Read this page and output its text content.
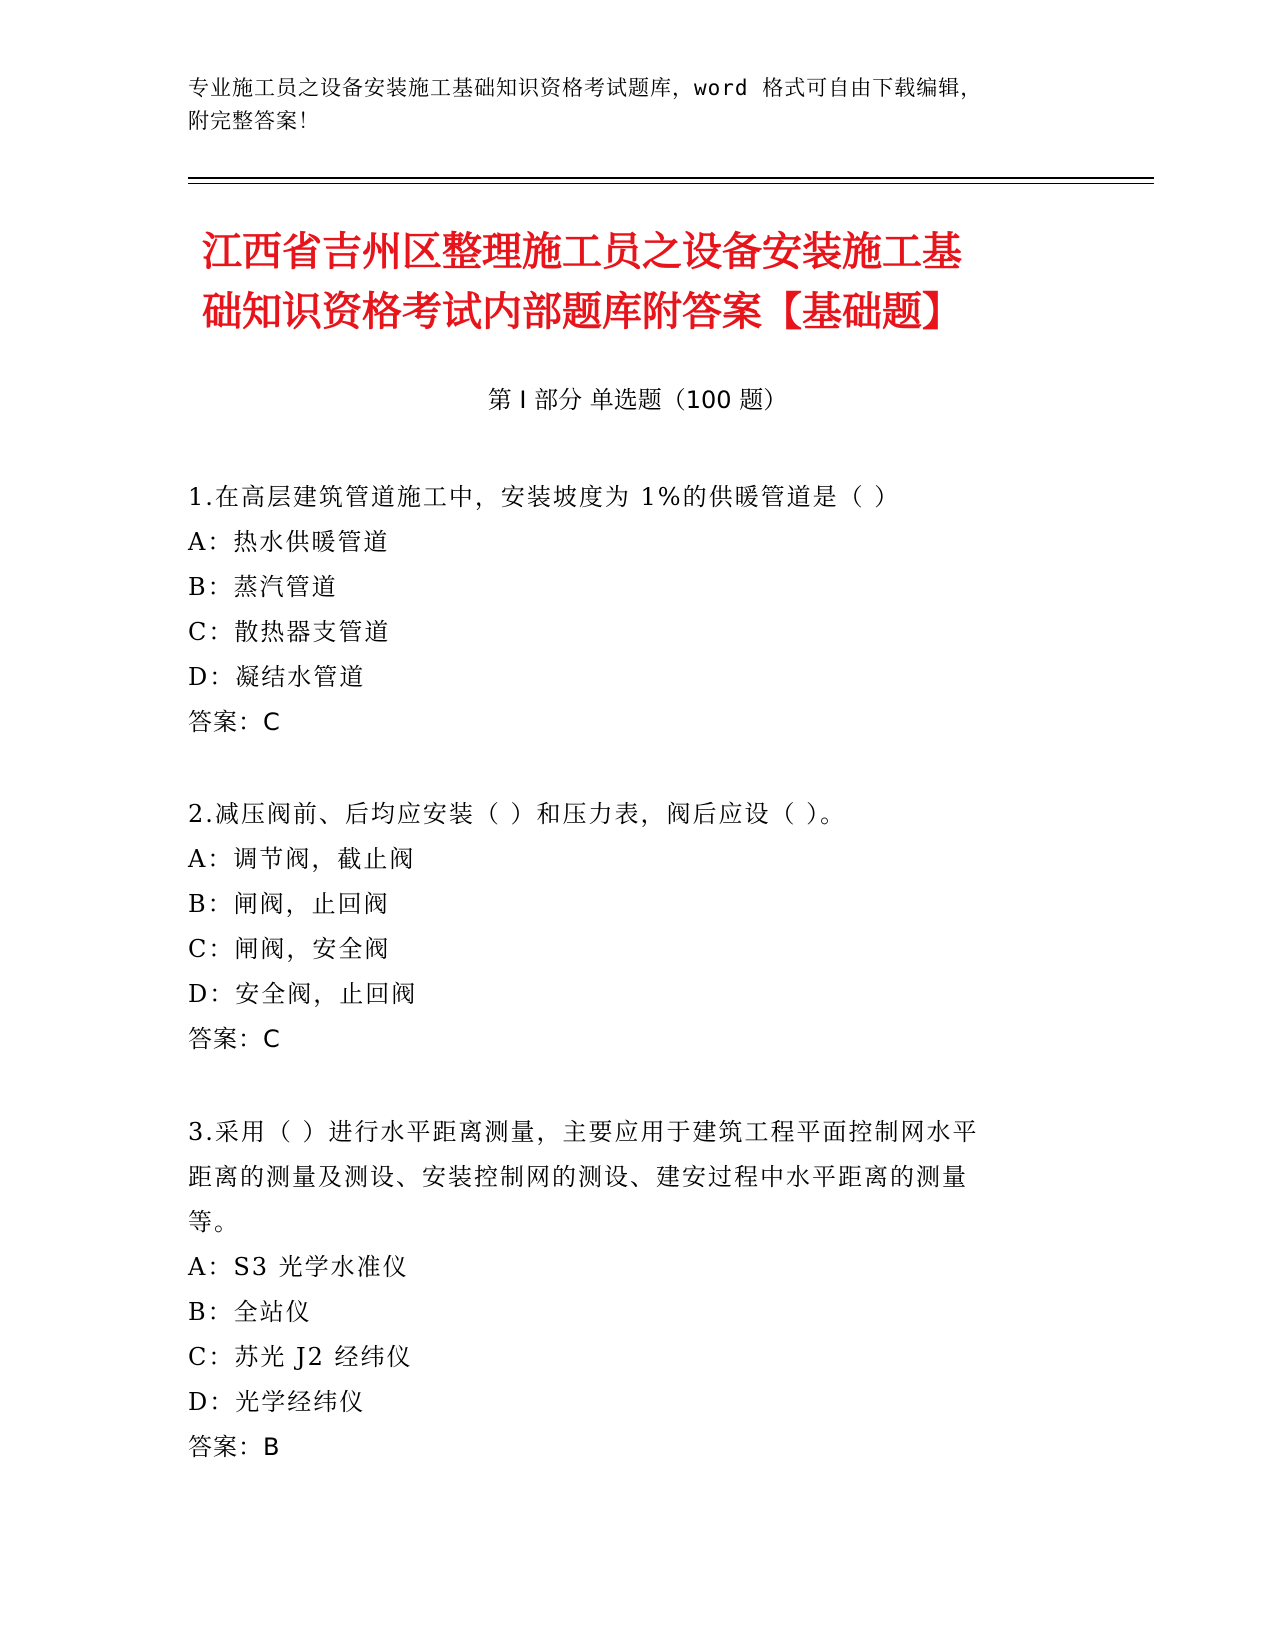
专业施工员之设备安装施工基础知识资格考试题库，word 格式可自由下载编辑，
附完整答案！
江西省吉州区整理施工员之设备安装施工基
础知识资格考试内部题库附答案【基础题】
第 I 部分 单选题（100 题）
1.在高层建筑管道施工中，安装坡度为 1%的供暖管道是（ ）
A：热水供暖管道
B：蒸汽管道
C：散热器支管道
D：凝结水管道
答案：C
2.减压阀前、后均应安装（ ）和压力表，阀后应设（ ）。
A：调节阀，截止阀
B：闸阀，止回阀
C：闸阀，安全阀
D：安全阀，止回阀
答案：C
3.采用（ ）进行水平距离测量，主要应用于建筑工程平面控制网水平
距离的测量及测设、安装控制网的测设、建安过程中水平距离的测量
等。
A：S3 光学水准仪
B：全站仪
C：苏光 J2 经纬仪
D：光学经纬仪
答案：B
